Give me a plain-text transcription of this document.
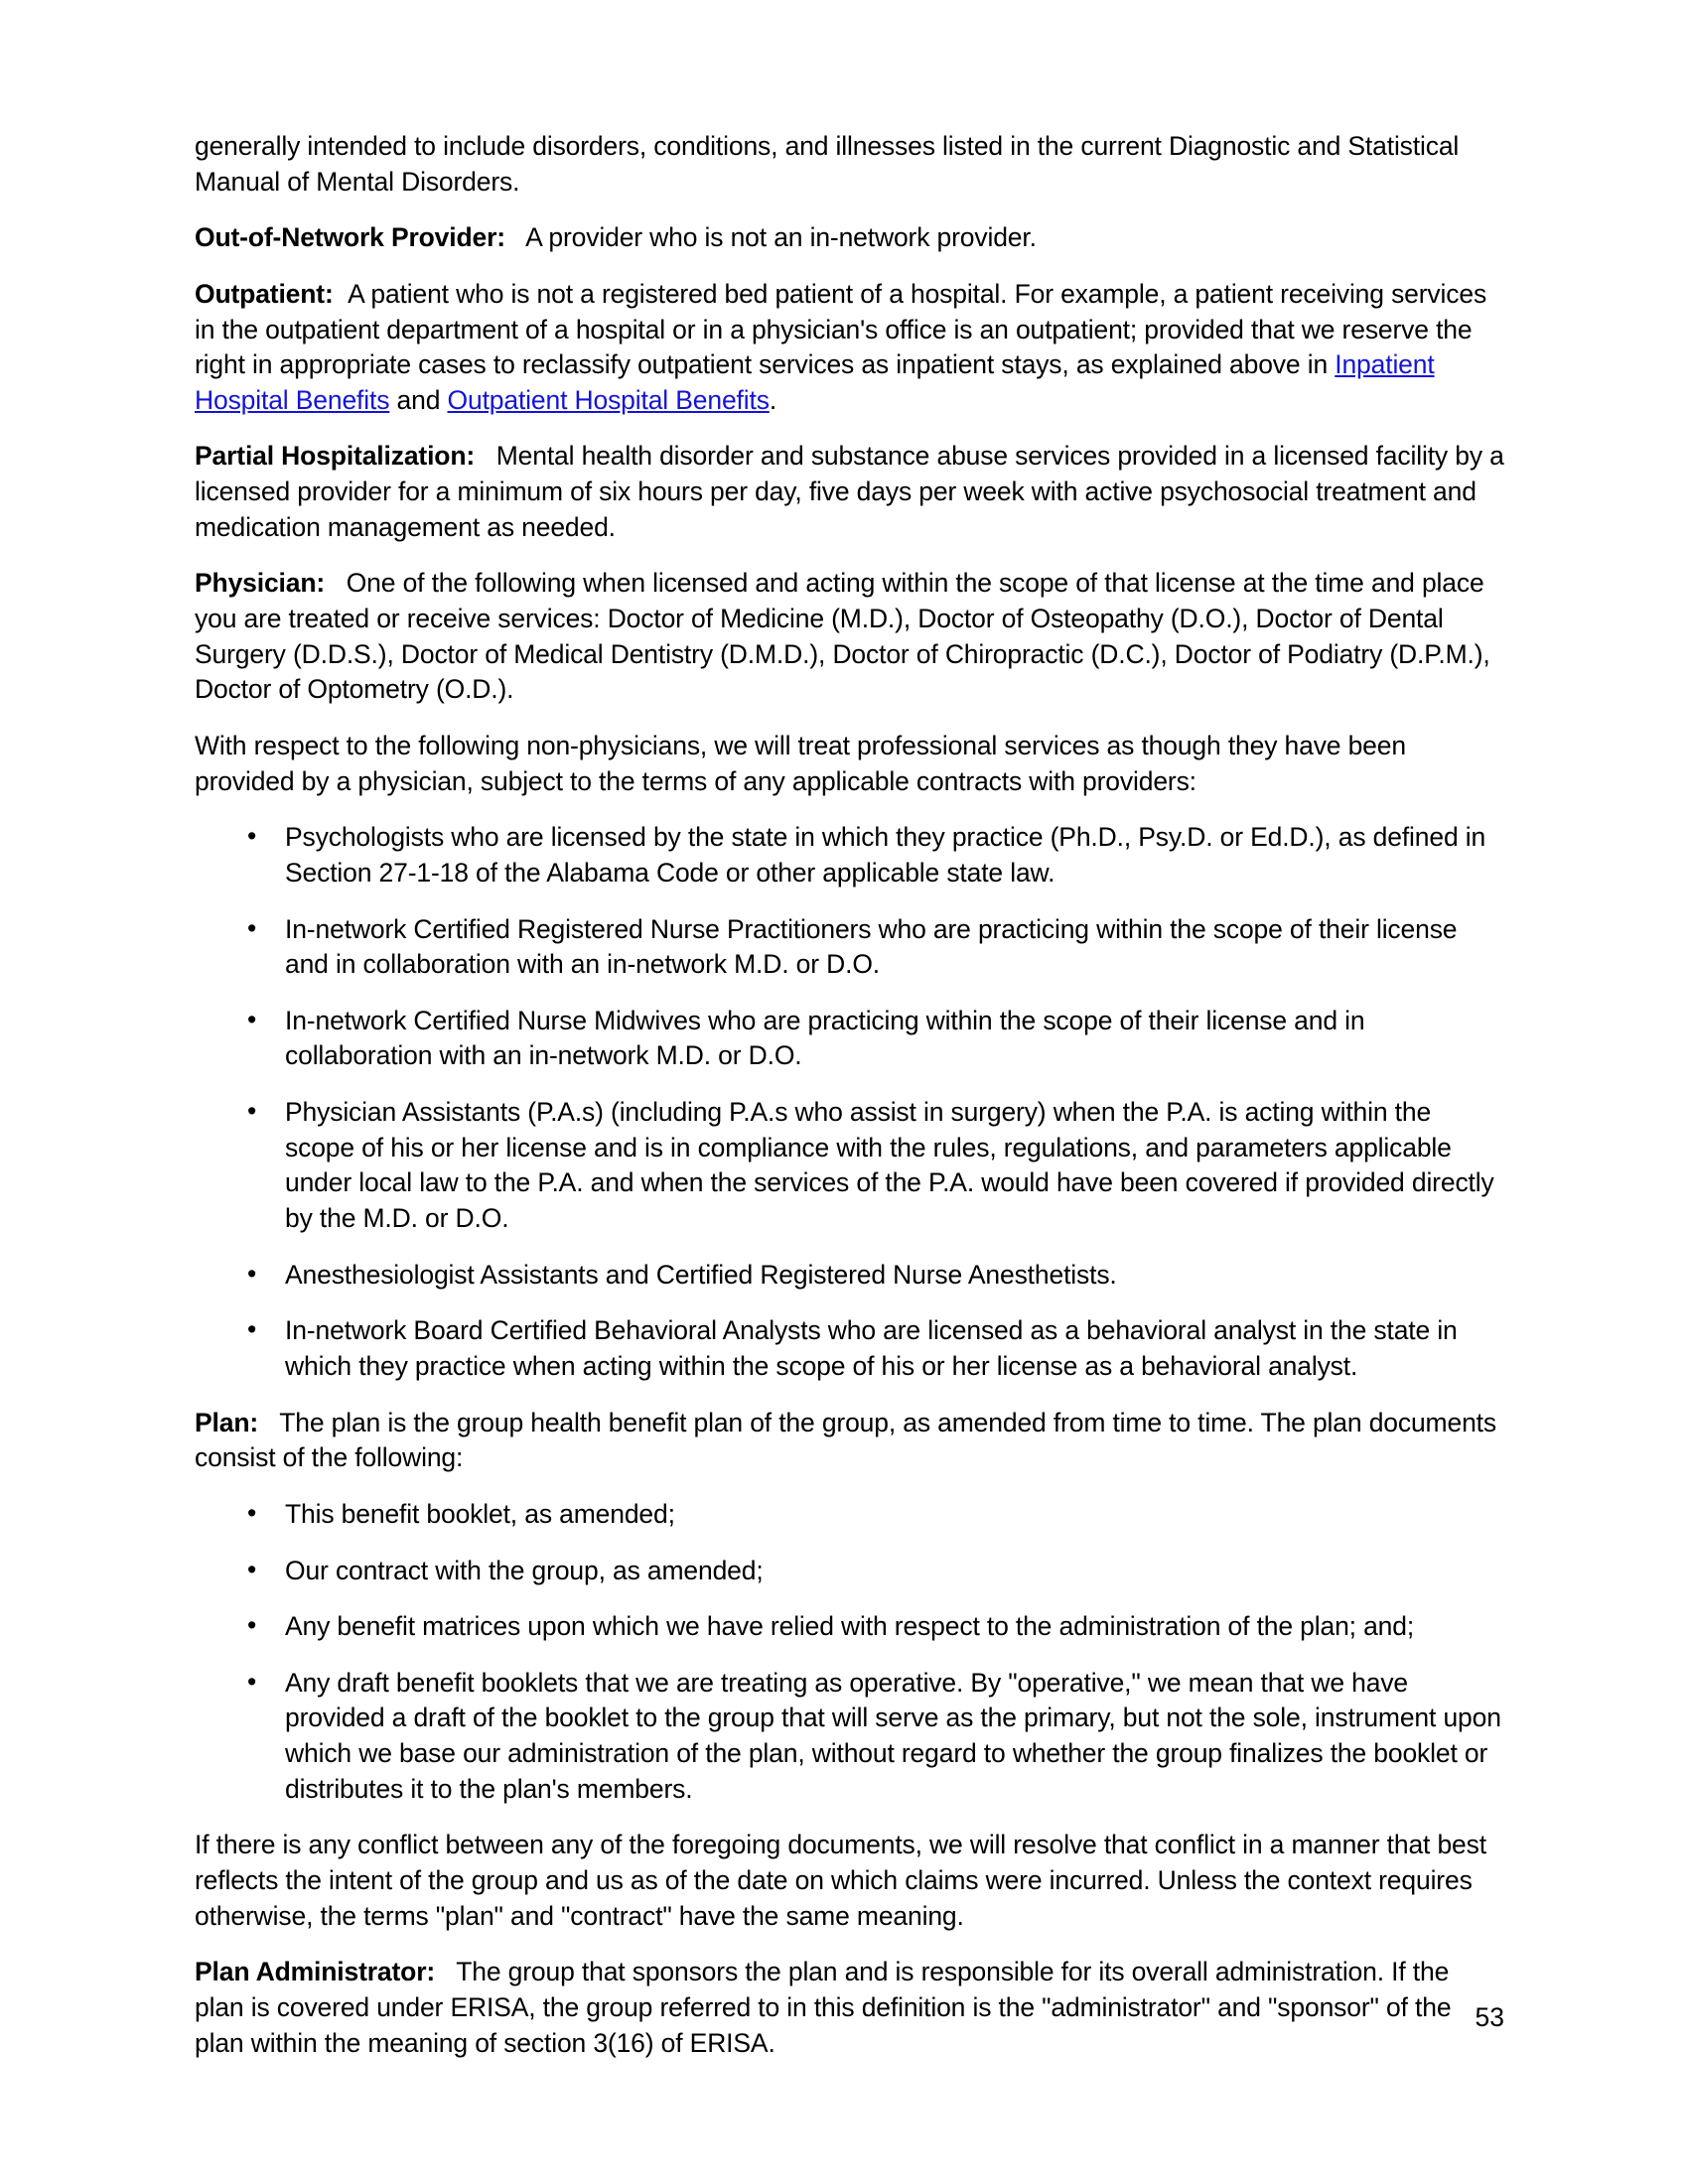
generally intended to include disorders, conditions, and illnesses listed in the current Diagnostic and Statistical Manual of Mental Disorders.

Out-of-Network Provider: A provider who is not an in-network provider.

Outpatient: A patient who is not a registered bed patient of a hospital. For example, a patient receiving services in the outpatient department of a hospital or in a physician's office is an outpatient; provided that we reserve the right in appropriate cases to reclassify outpatient services as inpatient stays, as explained above in Inpatient Hospital Benefits and Outpatient Hospital Benefits.

Partial Hospitalization: Mental health disorder and substance abuse services provided in a licensed facility by a licensed provider for a minimum of six hours per day, five days per week with active psychosocial treatment and medication management as needed.

Physician: One of the following when licensed and acting within the scope of that license at the time and place you are treated or receive services: Doctor of Medicine (M.D.), Doctor of Osteopathy (D.O.), Doctor of Dental Surgery (D.D.S.), Doctor of Medical Dentistry (D.M.D.), Doctor of Chiropractic (D.C.), Doctor of Podiatry (D.P.M.), Doctor of Optometry (O.D.).

With respect to the following non-physicians, we will treat professional services as though they have been provided by a physician, subject to the terms of any applicable contracts with providers:

• Psychologists who are licensed by the state in which they practice (Ph.D., Psy.D. or Ed.D.), as defined in Section 27-1-18 of the Alabama Code or other applicable state law.
• In-network Certified Registered Nurse Practitioners who are practicing within the scope of their license and in collaboration with an in-network M.D. or D.O.
• In-network Certified Nurse Midwives who are practicing within the scope of their license and in collaboration with an in-network M.D. or D.O.
• Physician Assistants (P.A.s) (including P.A.s who assist in surgery) when the P.A. is acting within the scope of his or her license and is in compliance with the rules, regulations, and parameters applicable under local law to the P.A. and when the services of the P.A. would have been covered if provided directly by the M.D. or D.O.
• Anesthesiologist Assistants and Certified Registered Nurse Anesthetists.
• In-network Board Certified Behavioral Analysts who are licensed as a behavioral analyst in the state in which they practice when acting within the scope of his or her license as a behavioral analyst.

Plan: The plan is the group health benefit plan of the group, as amended from time to time. The plan documents consist of the following:

• This benefit booklet, as amended;
• Our contract with the group, as amended;
• Any benefit matrices upon which we have relied with respect to the administration of the plan; and;
• Any draft benefit booklets that we are treating as operative. By "operative," we mean that we have provided a draft of the booklet to the group that will serve as the primary, but not the sole, instrument upon which we base our administration of the plan, without regard to whether the group finalizes the booklet or distributes it to the plan's members.

If there is any conflict between any of the foregoing documents, we will resolve that conflict in a manner that best reflects the intent of the group and us as of the date on which claims were incurred. Unless the context requires otherwise, the terms "plan" and "contract" have the same meaning.

Plan Administrator: The group that sponsors the plan and is responsible for its overall administration. If the plan is covered under ERISA, the group referred to in this definition is the "administrator" and "sponsor" of the plan within the meaning of section 3(16) of ERISA.

53
